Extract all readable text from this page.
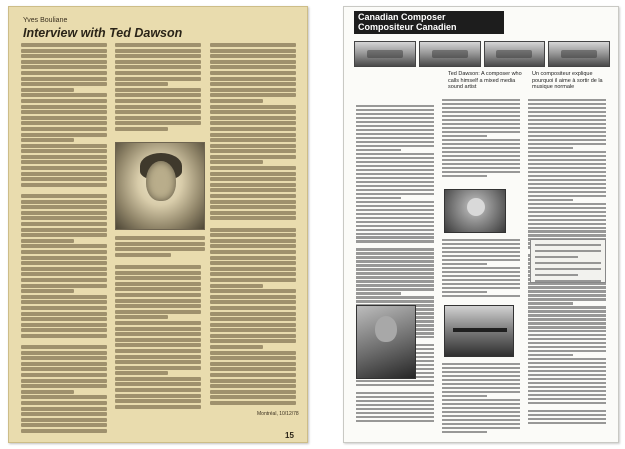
Yves Bouliane
Interview with Ted Dawson
Montréal, 10/12/78
15
Canadian Composer
Compositeur Canadien
Ted Dawson: A composer who calls himself a mixed media sound artist
Un compositeur explique pourquoi il aime à sortir de la musique normale
